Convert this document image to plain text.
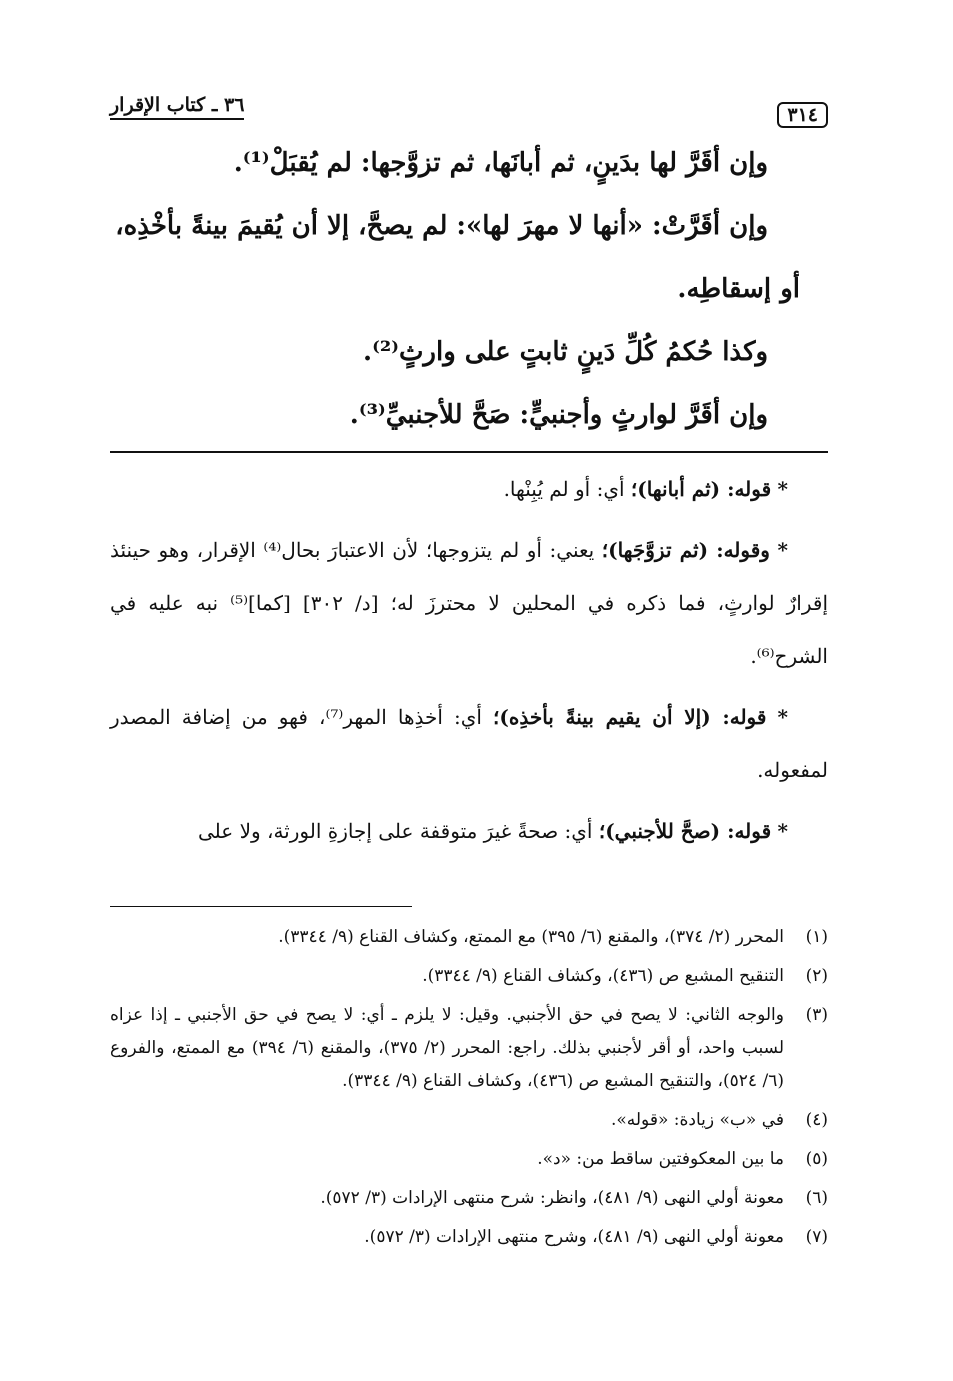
٣١٤
٣٦ ـ كتاب الإقرار

وإن أقَرَّ لها بدَينٍ، ثم أبانَها، ثم تزوَّجها: لم يُقبَلْ⁽¹⁾.

وإن أقَرَّتْ: «أنها لا مهرَ لها»: لم يصحَّ، إلا أن يُقيمَ بينةً بأخْذِه،

أو إسقاطِه.

وكذا حُكمُ كُلِّ دَينٍ ثابتٍ على وارثٍ⁽²⁾.

وإن أقَرَّ لوارثٍ وأجنبيٍّ: صَحَّ للأجنبيِّ⁽³⁾.

* قوله: (ثم أبانها)؛ أي: أو لم يُبِنْها.

* وقوله: (ثم تزوَّجَها)؛ يعني: أو لم يتزوجها؛ لأن الاعتبارَ بحال⁽⁴⁾ الإقرار، وهو حينئذ إقرارٌ لوارثٍ، فما ذكره في المحلين لا محترزَ له؛ [د/ ٣٠٢] [كما]⁽⁵⁾ نبه عليه في الشرح⁽⁶⁾.

* قوله: (إلا أن يقيم بينةً بأخذِه)؛ أي: أخذِها المهر⁽⁷⁾، فهو من إضافة المصدر لمفعوله.

* قوله: (صحَّ للأجنبي)؛ أي: صحةً غيرَ متوقفة على إجازةِ الورثة، ولا على

(١)
المحرر (٢/ ٣٧٤)، والمقنع (٦/ ٣٩٥) مع الممتع، وكشاف القناع (٩/ ٣٣٤٤).
(٢)
التنقيح المشبع ص (٤٣٦)، وكشاف القناع (٩/ ٣٣٤٤).
(٣)
والوجه الثاني: لا يصح في حق الأجنبي. وقيل: لا يلزم ـ أي: لا يصح في حق الأجنبي ـ إذا عزاه لسبب واحد، أو أقر لأجنبي بذلك. راجع: المحرر (٢/ ٣٧٥)، والمقنع (٦/ ٣٩٤) مع الممتع، والفروع (٦/ ٥٢٤)، والتنقيح المشبع ص (٤٣٦)، وكشاف القناع (٩/ ٣٣٤٤).
(٤)
في «ب» زيادة: «قوله».
(٥)
ما بين المعكوفتين ساقط من: «د».
(٦)
معونة أولي النهى (٩/ ٤٨١)، وانظر: شرح منتهى الإرادات (٣/ ٥٧٢).
(٧)
معونة أولي النهى (٩/ ٤٨١)، وشرح منتهى الإرادات (٣/ ٥٧٢).
